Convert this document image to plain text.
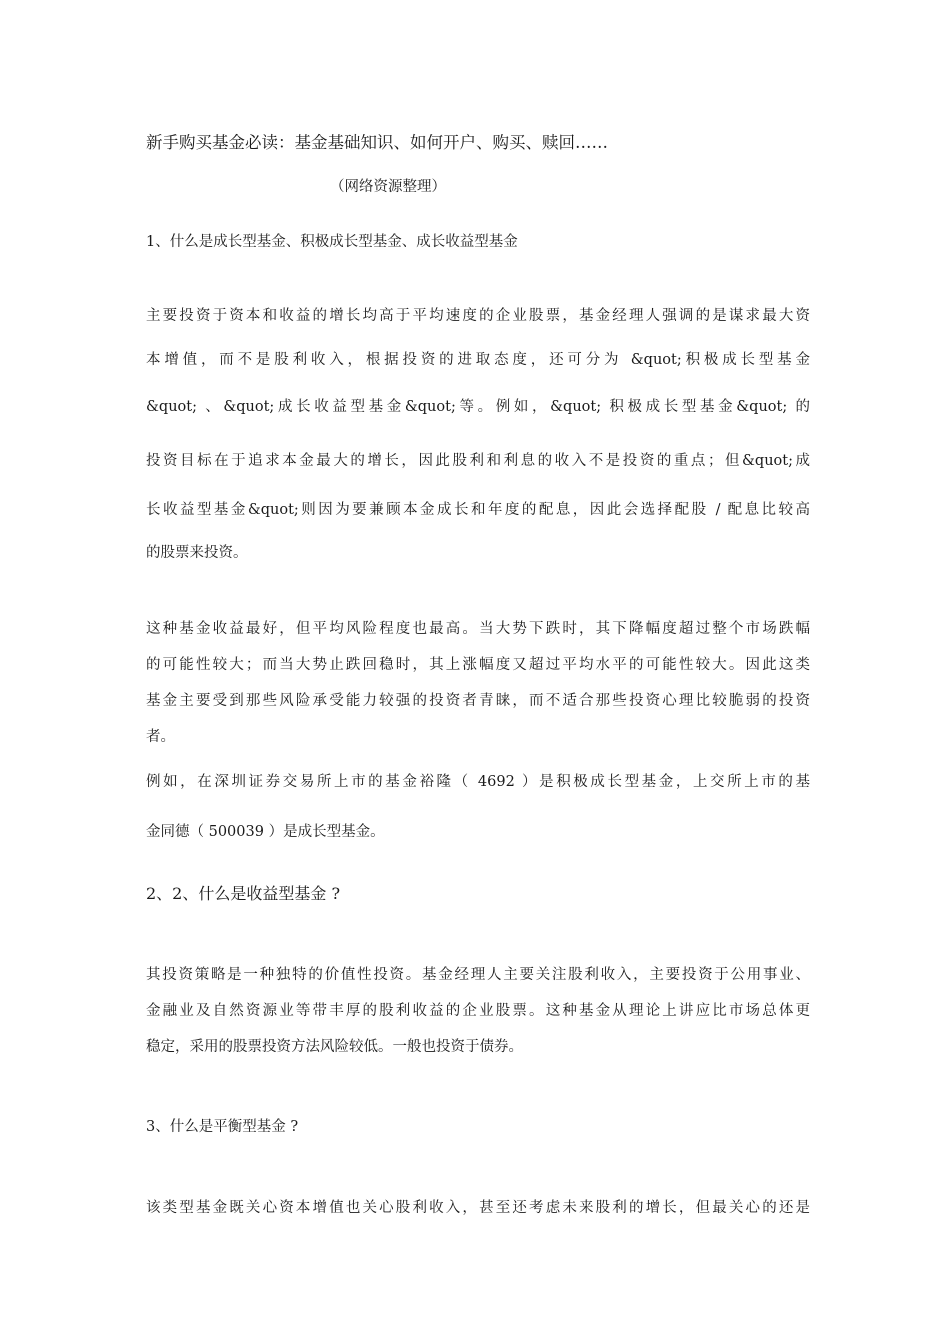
新手购买基金必读：基金基础知识、如何开户、购买、赎回……
（网络资源整理）
1、什么是成长型基金、积极成长型基金、成长收益型基金
主要投资于资本和收益的增长均高于平均速度的企业股票，基金经理人强调的是谋求最大资
本增值，而不是股利收入，根据投资的进取态度，还可分为 &quot;积极成长型基金
&quot; 、&quot;成长收益型基金&quot;等。例如，&quot; 积极成长型基金&quot; 的
投资目标在于追求本金最大的增长，因此股利和利息的收入不是投资的重点；但&quot;成
长收益型基金&quot;则因为要兼顾本金成长和年度的配息，因此会选择配股 / 配息比较高
的股票来投资。
这种基金收益最好，但平均风险程度也最高。当大势下跌时，其下降幅度超过整个市场跌幅
的可能性较大；而当大势止跌回稳时，其上涨幅度又超过平均水平的可能性较大。因此这类
基金主要受到那些风险承受能力较强的投资者青睐，而不适合那些投资心理比较脆弱的投资
者。
例如，在深圳证券交易所上市的基金裕隆（ 4692 ）是积极成长型基金，上交所上市的基
金同德（ 500039 ）是成长型基金。
2、2、什么是收益型基金 ?
其投资策略是一种独特的价值性投资。基金经理人主要关注股利收入，主要投资于公用事业、
金融业及自然资源业等带丰厚的股利收益的企业股票。这种基金从理论上讲应比市场总体更
稳定，采用的股票投资方法风险较低。一般也投资于债券。
3、什么是平衡型基金 ?
该类型基金既关心资本增值也关心股利收入，甚至还考虑未来股利的增长，但最关心的还是
